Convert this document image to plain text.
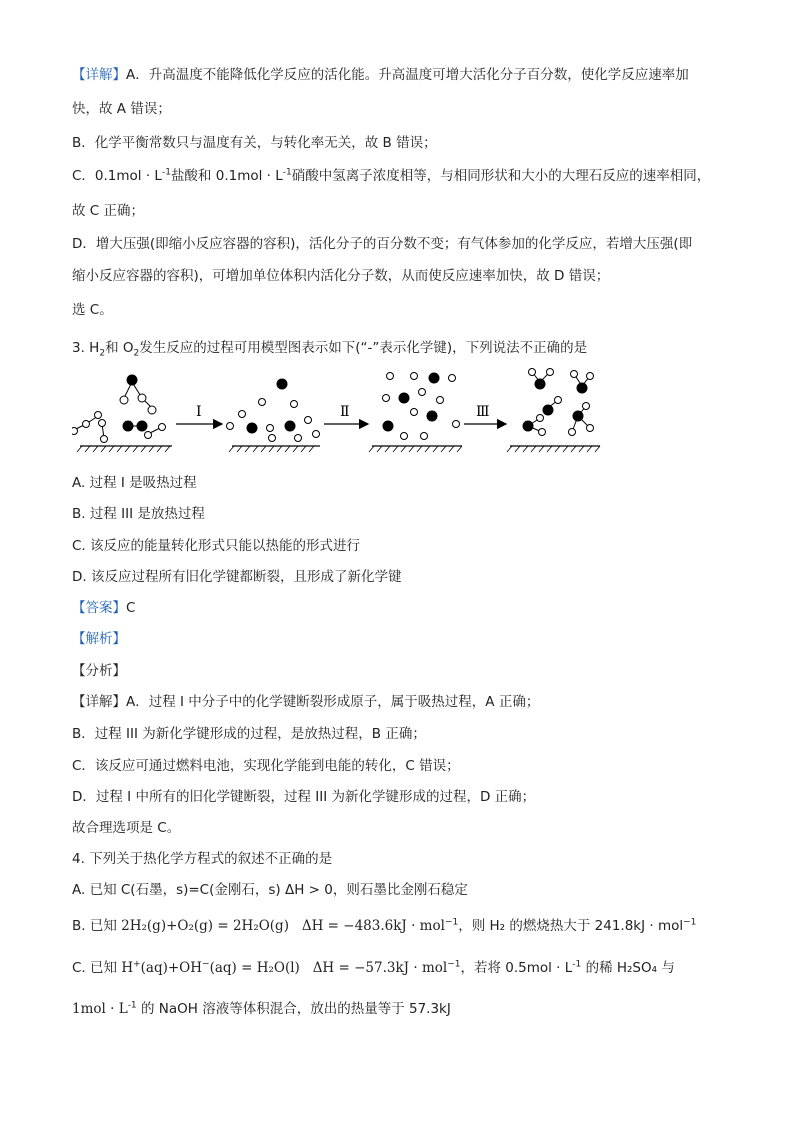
【详解】A．升高温度不能降低化学反应的活化能。升高温度可增大活化分子百分数，使化学反应速率加
快，故 A 错误；
B．化学平衡常数只与温度有关，与转化率无关，故 B 错误；
C．$0.1mol \cdot L^{-1}$盐酸和 $0.1mol \cdot L^{-1}$硝酸中氢离子浓度相等，与相同形状和大小的大理石反应的速率相同，
故 C 正确；
D．增大压强(即缩小反应容器的容积)，活化分子的百分数不变；有气体参加的化学反应，若增大压强(即
缩小反应容器的容积)，可增加单位体积内活化分子数，从而使反应速率加快，故 D 错误；
选 C。
3. $H_2$和 $O_2$发生反应的过程可用模型图表示如下(“-”表示化学键)，下列说法不正确的是
I	Ⅱ	Ⅲ
A. 过程 I 是吸热过程
B. 过程 III 是放热过程
C. 该反应的能量转化形式只能以热能的形式进行
D. 该反应过程所有旧化学键都断裂，且形成了新化学键
【答案】C
【解析】
【分析】
【详解】A．过程 I 中分子中的化学键断裂形成原子，属于吸热过程，A 正确；
B．过程 III 为新化学键形成的过程，是放热过程，B 正确；
C．该反应可通过燃料电池，实现化学能到电能的转化，C 错误；
D．过程 I 中所有的旧化学键断裂，过程 III 为新化学键形成的过程，D 正确；
故合理选项是 C。
4. 下列关于热化学方程式的叙述不正确的是
A. 已知 C(石墨，s)=C(金刚石，s) ΔH > 0，则石墨比金刚石稳定
B. 已知 2H₂(g)+O₂(g) = 2H₂O(g) ΔH = −483.6kJ · mol$^{-1}$，则 H₂ 的燃烧热大于 241.8kJ · mol$^{-1}$
C. 已知 H+(aq)+OH−(aq) = H₂O(l) ΔH = −57.3kJ · mol$^{-1}$，若将 $0.5mol \cdot L^{-1}$ 的稀 H₂SO₄ 与
$1mol \cdot L^{-1}$ 的 NaOH 溶液等体积混合，放出的热量等于 57.3kJ
